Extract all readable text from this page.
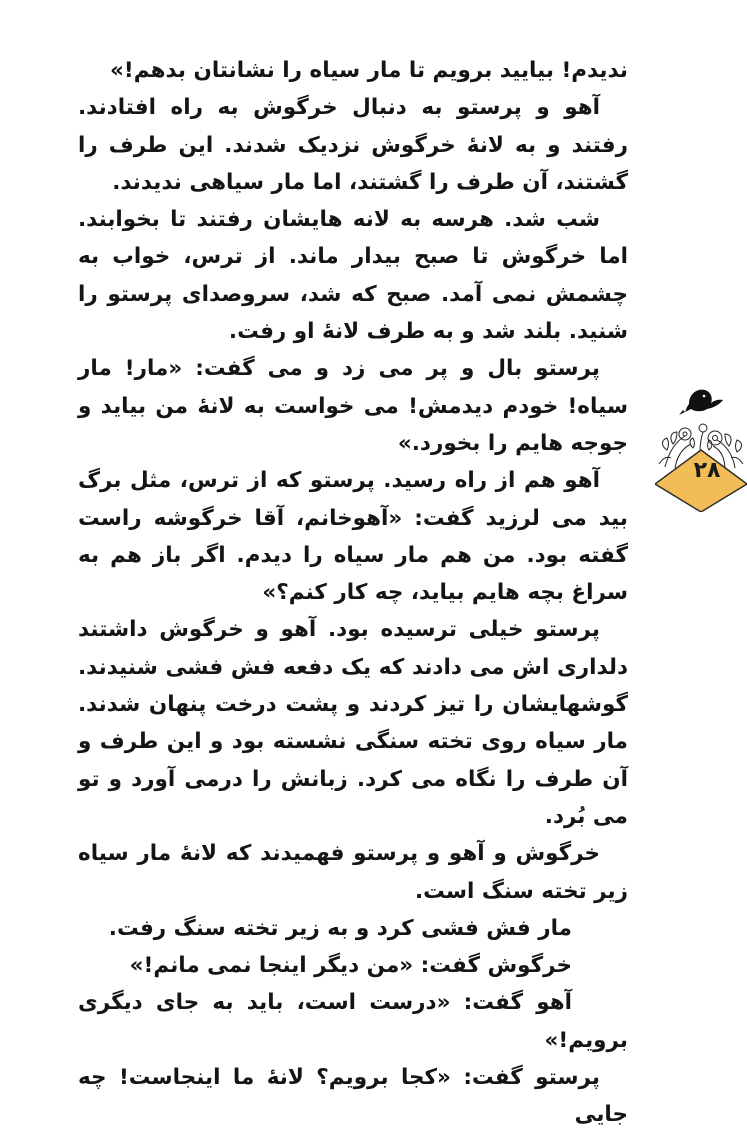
ندیدم! بیایید برویم تا مار سیاه را نشانتان بدهم!»

آهو و پرستو به دنبال خرگوش به راه افتادند. رفتند و به لانهٔ خرگوش نزدیک شدند. این طرف را گشتند، آن طرف را گشتند، اما مار سیاهی ندیدند.

شب شد. هرسه به لانه هایشان رفتند تا بخوابند. اما خرگوش تا صبح بیدار ماند. از ترس، خواب به چشمش نمی آمد. صبح که شد، سروصدای پرستو را شنید. بلند شد و به طرف لانهٔ او رفت.

پرستو بال و پر می زد و می گفت: «مار! مار سیاه! خودم دیدمش! می خواست به لانهٔ من بیاید و جوجه هایم را بخورد.»

آهو هم از راه رسید. پرستو که از ترس، مثل برگ بید می لرزید گفت: «آهوخانم، آقا خرگوشه راست گفته بود. من هم مار سیاه را دیدم. اگر باز هم به سراغ بچه هایم بیاید، چه کار کنم؟»

پرستو خیلی ترسیده بود. آهو و خرگوش داشتند دلداری اش می دادند که یک دفعه فش فشی شنیدند. گوشهایشان را تیز کردند و پشت درخت پنهان شدند. مار سیاه روی تخته سنگی نشسته بود و این طرف و آن طرف را نگاه می کرد. زبانش را درمی آورد و تو می بُرد.

خرگوش و آهو و پرستو فهمیدند که لانهٔ مار سیاه زیر تخته سنگ است.

مار فش فشی کرد و به زیر تخته سنگ رفت.

خرگوش گفت: «من دیگر اینجا نمی مانم!»

آهو گفت: «درست است، باید به جای دیگری برویم!»

پرستو گفت: «کجا برویم؟ لانهٔ ما اینجاست! چه جایی

۲۸
